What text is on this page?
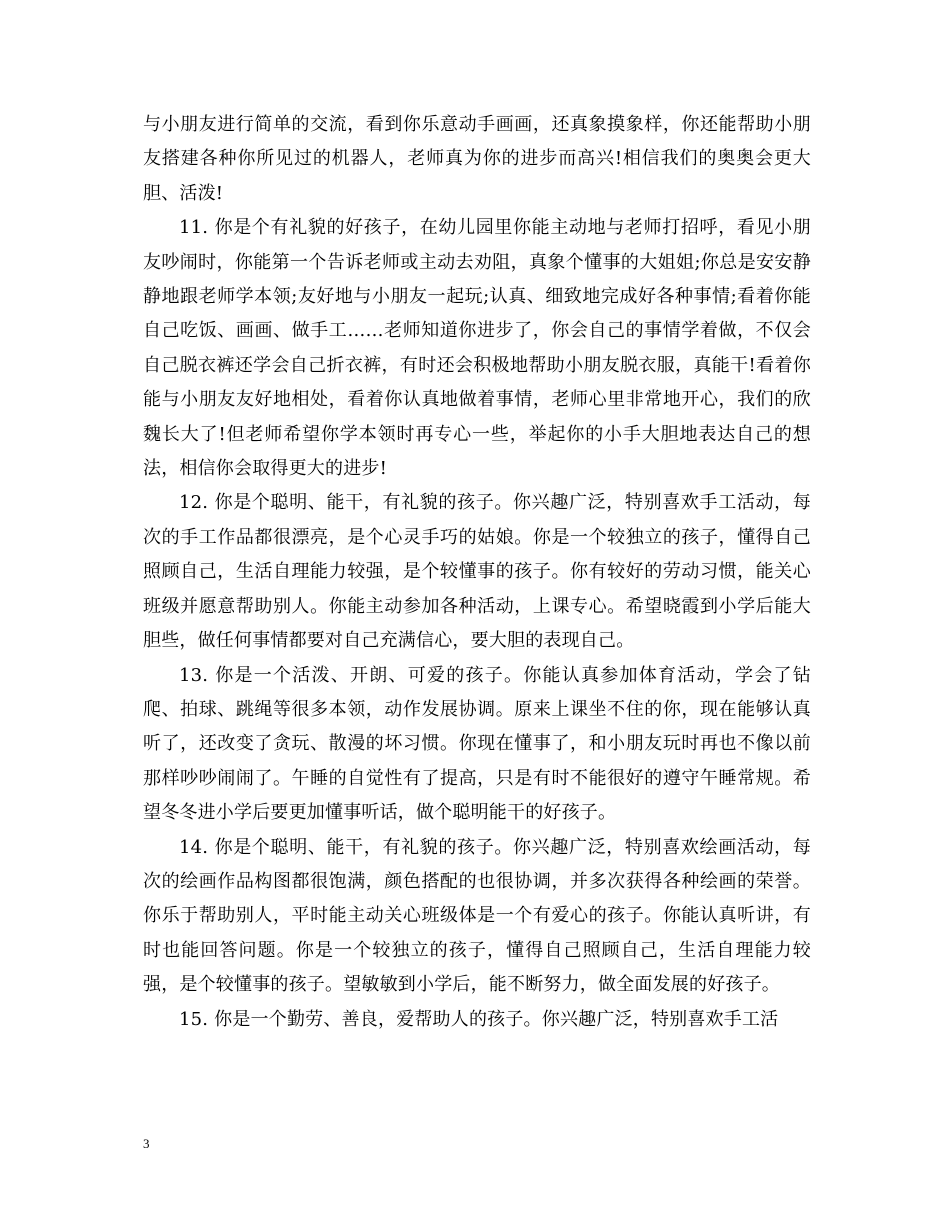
与小朋友进行简单的交流，看到你乐意动手画画，还真象摸象样，你还能帮助小朋友搭建各种你所见过的机器人，老师真为你的进步而高兴!相信我们的奥奥会更大胆、活泼!

11. 你是个有礼貌的好孩子，在幼儿园里你能主动地与老师打招呼，看见小朋友吵闹时，你能第一个告诉老师或主动去劝阻，真象个懂事的大姐姐;你总是安安静静地跟老师学本领;友好地与小朋友一起玩;认真、细致地完成好各种事情;看着你能自己吃饭、画画、做手工……老师知道你进步了，你会自己的事情学着做，不仅会自己脱衣裤还学会自己折衣裤，有时还会积极地帮助小朋友脱衣服，真能干!看着你能与小朋友友好地相处，看着你认真地做着事情，老师心里非常地开心，我们的欣魏长大了!但老师希望你学本领时再专心一些，举起你的小手大胆地表达自己的想法，相信你会取得更大的进步!

12. 你是个聪明、能干，有礼貌的孩子。你兴趣广泛，特别喜欢手工活动，每次的手工作品都很漂亮，是个心灵手巧的姑娘。你是一个较独立的孩子，懂得自己照顾自己，生活自理能力较强，是个较懂事的孩子。你有较好的劳动习惯，能关心班级并愿意帮助别人。你能主动参加各种活动，上课专心。希望晓霞到小学后能大胆些，做任何事情都要对自己充满信心，要大胆的表现自己。

13. 你是一个活泼、开朗、可爱的孩子。你能认真参加体育活动，学会了钻爬、拍球、跳绳等很多本领，动作发展协调。原来上课坐不住的你，现在能够认真听了，还改变了贪玩、散漫的坏习惯。你现在懂事了，和小朋友玩时再也不像以前那样吵吵闹闹了。午睡的自觉性有了提高，只是有时不能很好的遵守午睡常规。希望冬冬进小学后要更加懂事听话，做个聪明能干的好孩子。

14. 你是个聪明、能干，有礼貌的孩子。你兴趣广泛，特别喜欢绘画活动，每次的绘画作品构图都很饱满，颜色搭配的也很协调，并多次获得各种绘画的荣誉。你乐于帮助别人，平时能主动关心班级体是一个有爱心的孩子。你能认真听讲，有时也能回答问题。你是一个较独立的孩子，懂得自己照顾自己，生活自理能力较强，是个较懂事的孩子。望敏敏到小学后，能不断努力，做全面发展的好孩子。

15. 你是一个勤劳、善良，爱帮助人的孩子。你兴趣广泛，特别喜欢手工活

3
